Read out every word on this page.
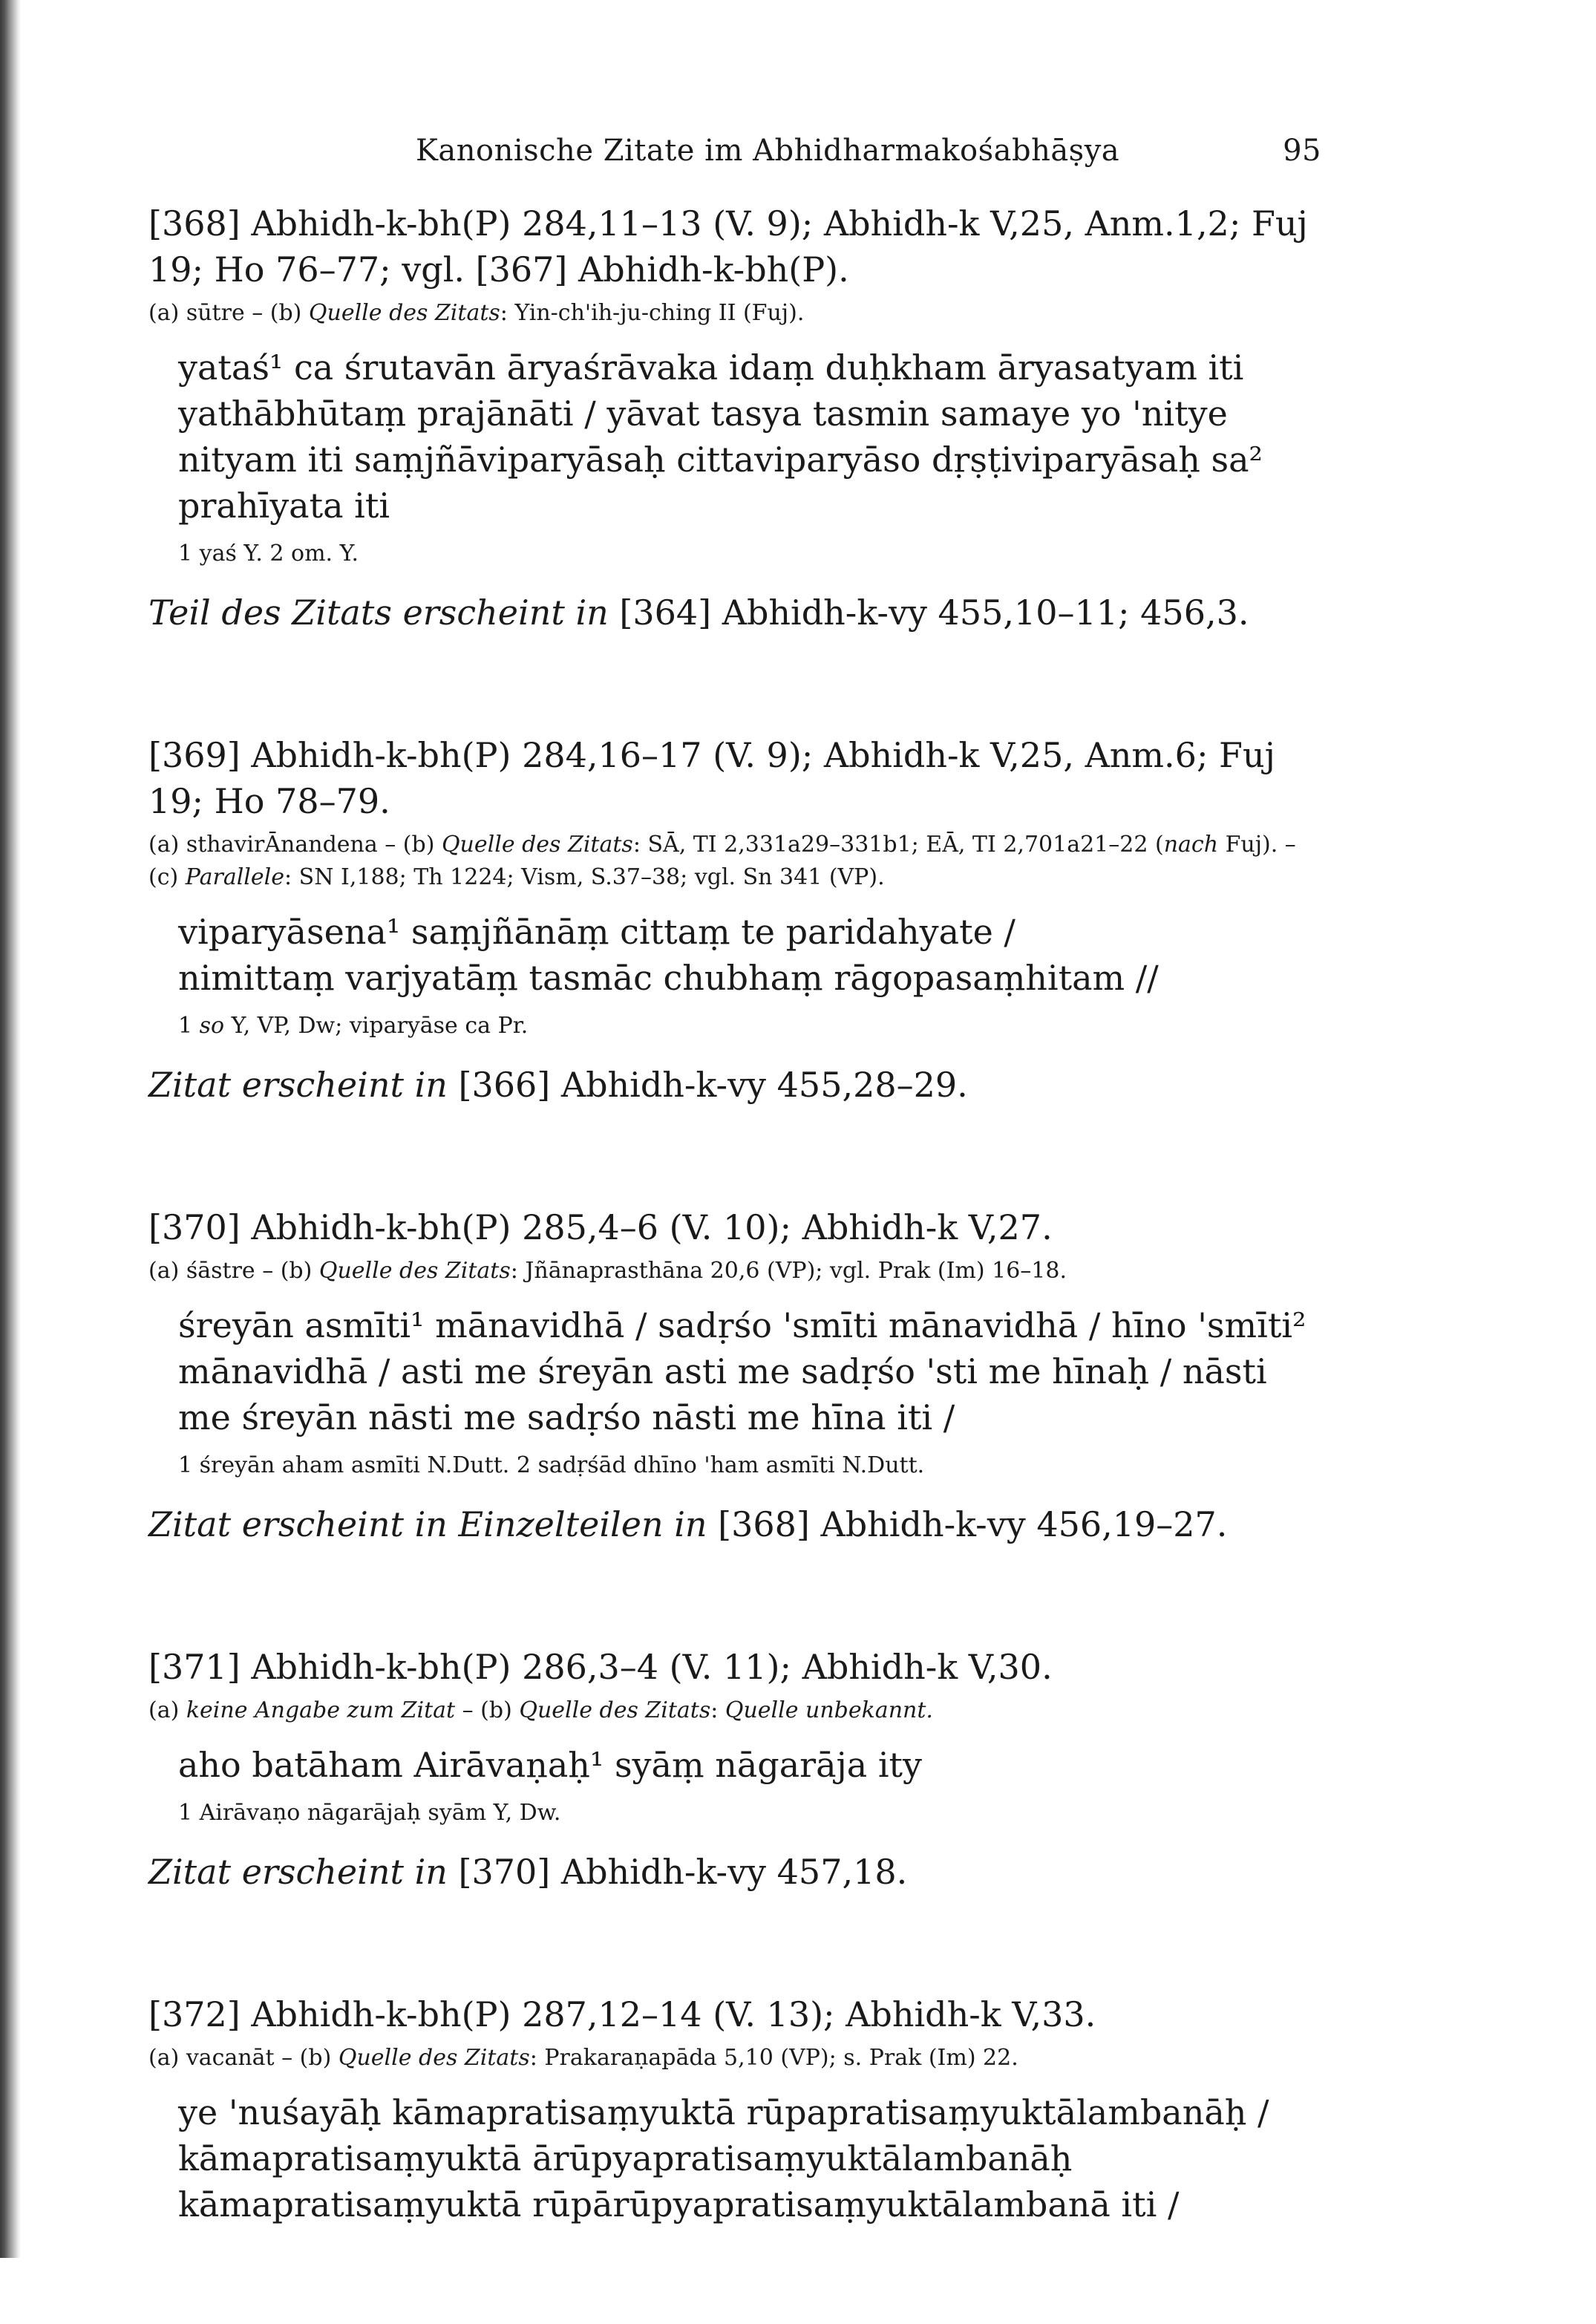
Kanonische Zitate im Abhidharmakośabhāṣya	95

[368] Abhidh-k-bh(P) 284,11–13 (V. 9); Abhidh-k V,25, Anm.1,2; Fuj 19; Ho 76–77; vgl. [367] Abhidh-k-bh(P).

(a) sūtre – (b) Quelle des Zitats: Yin-ch'ih-ju-ching II (Fuj).

yataś¹ ca śrutavān āryaśrāvaka idaṃ duḥkham āryasatyam iti yathābhūtaṃ prajānāti / yāvat tasya tasmin samaye yo 'nitye nityam iti saṃjñāviparyāsaḥ cittaviparyāso dṛṣṭiviparyāsaḥ sa² prahīyata iti

1 yaś Y. 2 om. Y.

Teil des Zitats erscheint in [364] Abhidh-k-vy 455,10–11; 456,3.

[369] Abhidh-k-bh(P) 284,16–17 (V. 9); Abhidh-k V,25, Anm.6; Fuj 19; Ho 78–79.

(a) sthavirĀnandena – (b) Quelle des Zitats: SĀ, TI 2,331a29–331b1; EĀ, TI 2,701a21–22 (nach Fuj). – (c) Parallele: SN I,188; Th 1224; Vism, S.37–38; vgl. Sn 341 (VP).

viparyāsena¹ saṃjñānāṃ cittaṃ te paridahyate /
nimittaṃ varjyatāṃ tasmāc chubhaṃ rāgopasaṃhitam //

1 so Y, VP, Dw; viparyāse ca Pr.

Zitat erscheint in [366] Abhidh-k-vy 455,28–29.

[370] Abhidh-k-bh(P) 285,4–6 (V. 10); Abhidh-k V,27.

(a) śāstre – (b) Quelle des Zitats: Jñānaprasthāna 20,6 (VP); vgl. Prak (Im) 16–18.

śreyān asmīti¹ mānavidhā / sadṛśo 'smīti mānavidhā / hīno 'smīti² mānavidhā / asti me śreyān asti me sadṛśo 'sti me hīnaḥ / nāsti me śreyān nāsti me sadṛśo nāsti me hīna iti /

1 śreyān aham asmīti N.Dutt. 2 sadṛśād dhīno 'ham asmīti N.Dutt.

Zitat erscheint in Einzelteilen in [368] Abhidh-k-vy 456,19–27.

[371] Abhidh-k-bh(P) 286,3–4 (V. 11); Abhidh-k V,30.

(a) keine Angabe zum Zitat – (b) Quelle des Zitats: Quelle unbekannt.

aho batāham Airāvaṇaḥ¹ syāṃ nāgarāja ity

1 Airāvaṇo nāgarājaḥ syām Y, Dw.

Zitat erscheint in [370] Abhidh-k-vy 457,18.

[372] Abhidh-k-bh(P) 287,12–14 (V. 13); Abhidh-k V,33.

(a) vacanāt – (b) Quelle des Zitats: Prakaraṇapāda 5,10 (VP); s. Prak (Im) 22.

ye 'nuśayāḥ kāmapratisaṃyuktā rūpapratisaṃyuktālambanāḥ / kāmapratisaṃyuktā ārūpyapratisaṃyuktālambanāḥ kāmapratisaṃyuktā rūpārūpyapratisaṃyuktālambanā iti /
